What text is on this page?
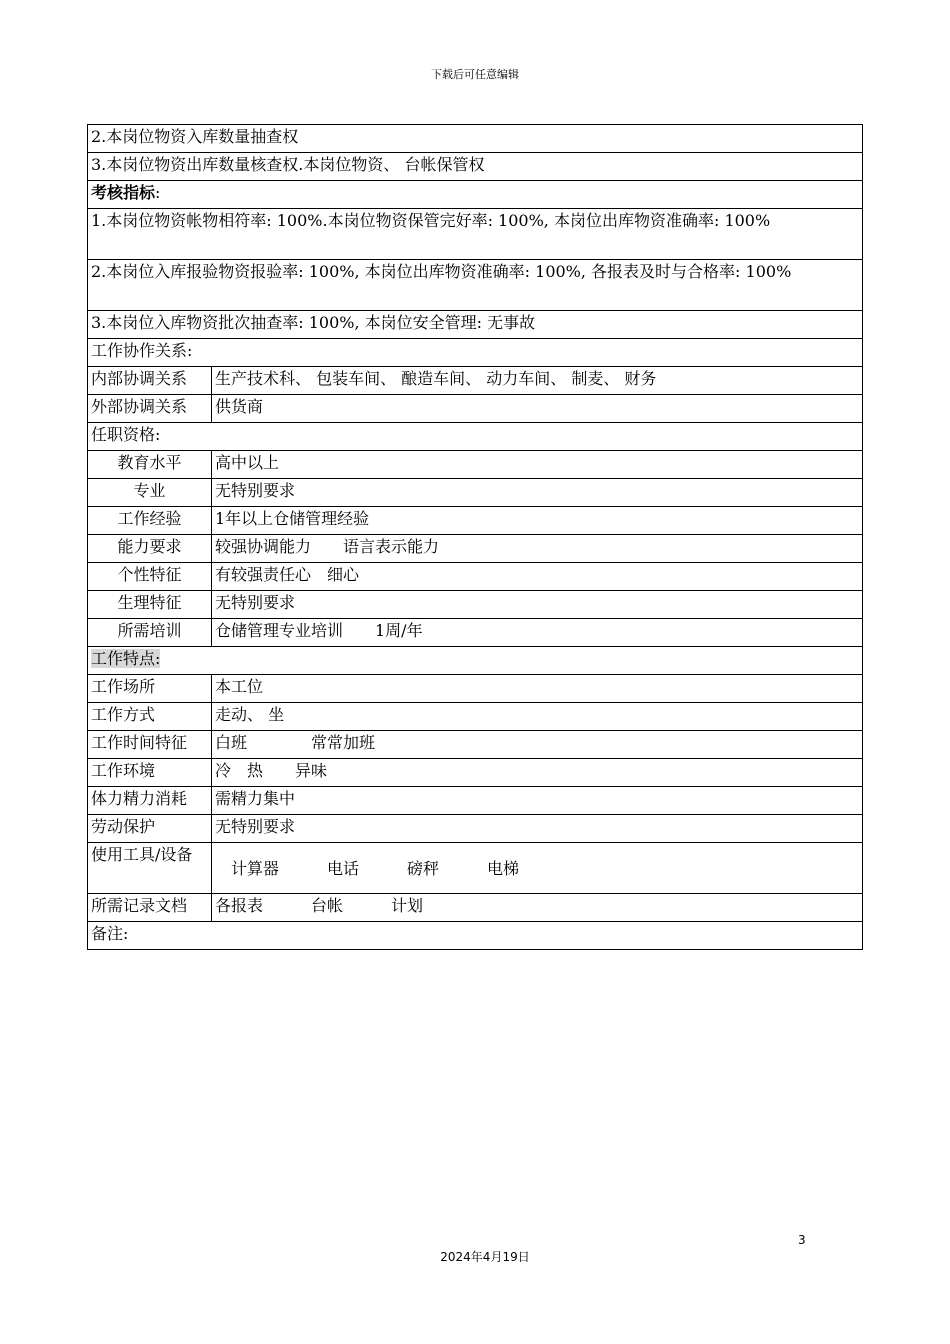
下载后可任意编辑
2.本岗位物资入库数量抽查权	
3.本岗位物资出库数量核查权.本岗位物资、 台帐保管权	
考核指标:	
1.本岗位物资帐物相符率: 100%.本岗位物资保管完好率: 100%, 本岗位出库物资准确率: 100%	
2.本岗位入库报验物资报验率: 100%, 本岗位出库物资准确率: 100%, 各报表及时与合格率: 100%	
3.本岗位入库物资批次抽查率: 100%, 本岗位安全管理: 无事故	
工作协作关系:	
内部协调关系	生产技术科、 包装车间、 酿造车间、 动力车间、 制麦、 财务
外部协调关系	供货商
任职资格:	
教育水平	高中以上
专业	无特别要求
工作经验	1年以上仓储管理经验
能力要求	较强协调能力　　语言表示能力
个性特征	有较强责任心　细心
生理特征	无特别要求
所需培训	仓储管理专业培训　　1周/年
工作特点:	
工作场所	本工位
工作方式	走动、 坐
工作时间特征	白班　　　　常常加班
工作环境	冷　热　　异味
体力精力消耗	需精力集中
劳动保护	无特别要求
使用工具/设备	　计算器　　　电话　　　磅秤　　　电梯
所需记录文档	各报表　　　台帐　　　计划
备注:	
3
2024年4月19日
